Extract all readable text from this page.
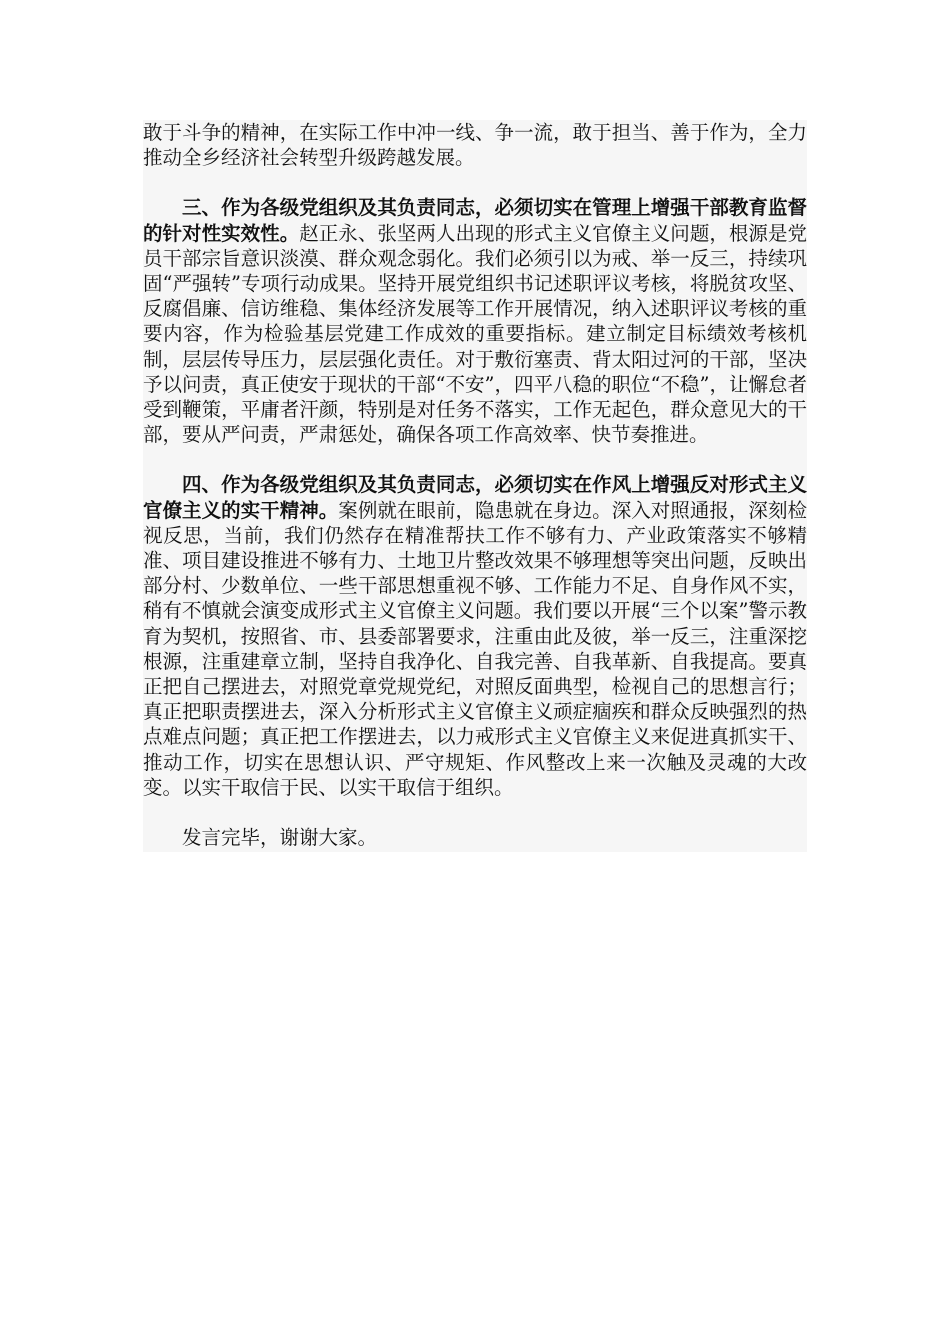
敢于斗争的精神，在实际工作中冲一线、争一流，敢于担当、善于作为，全力推动全乡经济社会转型升级跨越发展。

三、作为各级党组织及其负责同志，必须切实在管理上增强干部教育监督的针对性实效性。赵正永、张坚两人出现的形式主义官僚主义问题，根源是党员干部宗旨意识淡漠、群众观念弱化。我们必须引以为戒、举一反三，持续巩固“严强转”专项行动成果。坚持开展党组织书记述职评议考核，将脱贫攻坚、反腐倡廉、信访维稳、集体经济发展等工作开展情况，纳入述职评议考核的重要内容，作为检验基层党建工作成效的重要指标。建立制定目标绩效考核机制，层层传导压力，层层强化责任。对于敷衍塞责、背太阳过河的干部，坚决予以问责，真正使安于现状的干部“不安”，四平八稳的职位“不稳”，让懈怠者受到鞭策，平庸者汗颜，特别是对任务不落实，工作无起色，群众意见大的干部，要从严问责，严肃惩处，确保各项工作高效率、快节奏推进。

四、作为各级党组织及其负责同志，必须切实在作风上增强反对形式主义官僚主义的实干精神。案例就在眼前，隐患就在身边。深入对照通报，深刻检视反思，当前，我们仍然存在精准帮扶工作不够有力、产业政策落实不够精准、项目建设推进不够有力、土地卫片整改效果不够理想等突出问题，反映出部分村、少数单位、一些干部思想重视不够、工作能力不足、自身作风不实，稍有不慎就会演变成形式主义官僚主义问题。我们要以开展“三个以案”警示教育为契机，按照省、市、县委部署要求，注重由此及彼，举一反三，注重深挖根源，注重建章立制，坚持自我净化、自我完善、自我革新、自我提高。要真正把自己摆进去，对照党章党规党纪，对照反面典型，检视自己的思想言行；真正把职责摆进去，深入分析形式主义官僚主义顽症痼疾和群众反映强烈的热点难点问题；真正把工作摆进去，以力戒形式主义官僚主义来促进真抓实干、推动工作，切实在思想认识、严守规矩、作风整改上来一次触及灵魂的大改变。以实干取信于民、以实干取信于组织。

发言完毕，谢谢大家。
